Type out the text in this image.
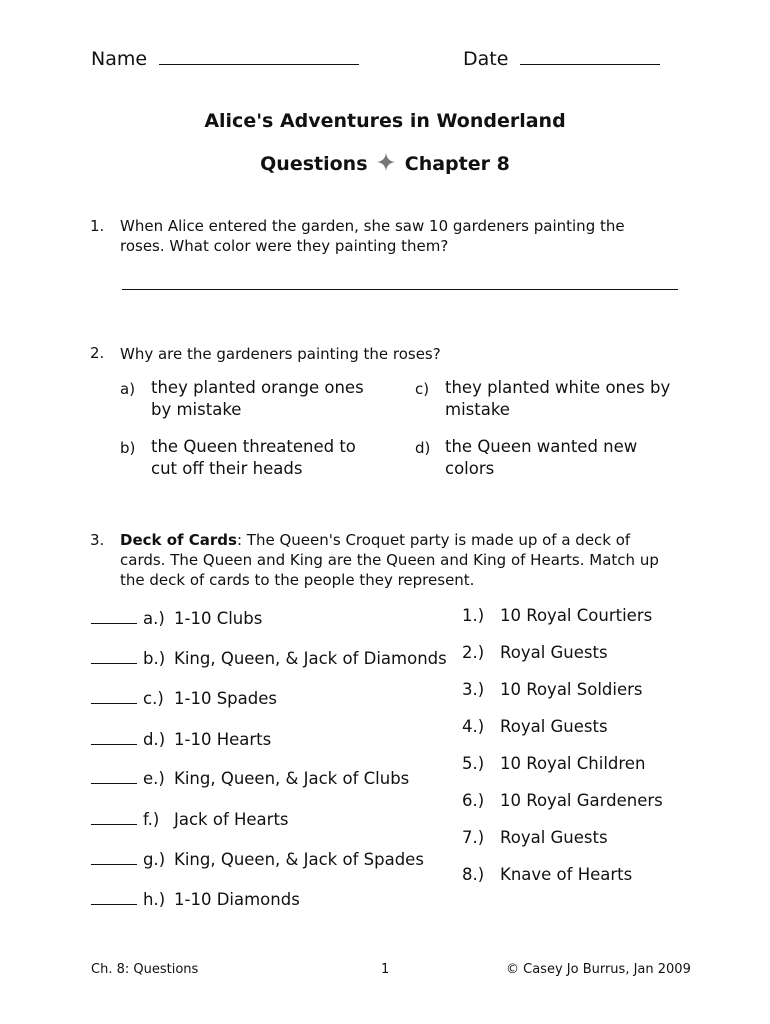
Name	Date
Alice's Adventures in Wonderland
Questions Chapter 8
1. When Alice entered the garden, she saw 10 gardeners painting the roses. What color were they painting them?
2. Why are the gardeners painting the roses?
a) they planted orange ones by mistake
b) the Queen threatened to cut off their heads
c) they planted white ones by mistake
d) the Queen wanted new colors
3. Deck of Cards: The Queen's Croquet party is made up of a deck of cards. The Queen and King are the Queen and King of Hearts. Match up the deck of cards to the people they represent.
a.) 1-10 Clubs
b.) King, Queen, & Jack of Diamonds
c.) 1-10 Spades
d.) 1-10 Hearts
e.) King, Queen, & Jack of Clubs
f.) Jack of Hearts
g.) King, Queen, & Jack of Spades
h.) 1-10 Diamonds
1.) 10 Royal Courtiers
2.) Royal Guests
3.) 10 Royal Soldiers
4.) Royal Guests
5.) 10 Royal Children
6.) 10 Royal Gardeners
7.) Royal Guests
8.) Knave of Hearts
Ch. 8: Questions	1	© Casey Jo Burrus, Jan 2009
